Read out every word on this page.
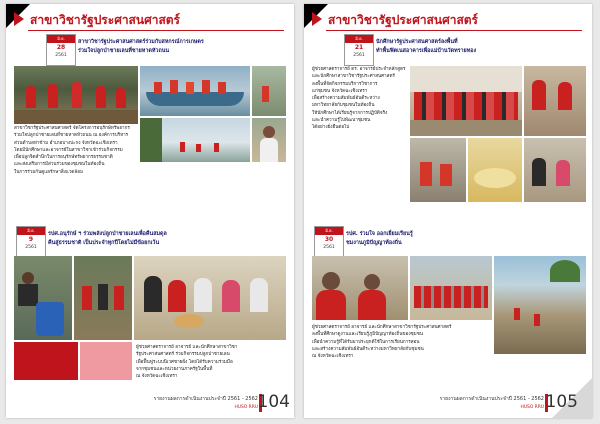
สาขาวิชารัฐประศาสนศาสตร์
มิ.ย.
28
2561
สาขาวิชารัฐประศาสนศาสตร์ร่วมกับสหกรณ์การเกษตร
ร่วมใจปลูกป่าชายเลนที่ชายหาดหัวถนน
สาขาวิชารัฐประศาสนศาสตร์ จัดโครงการอนุรักษ์ทรัพยากร
ร่วมใจปลูกป่าชายเลนที่ชายหาดหัวถนน ณ องค์การบริหาร
ส่วนตำบลท่าข้าม อำเภอบางปะกง จังหวัดฉะเชิงเทรา
โดยมีนักศึกษาและอาจารย์ในสาขาวิชาเข้าร่วมกิจกรรม
เพื่อปลูกจิตสำนึกในการอนุรักษ์ทรัพยากรธรรมชาติ
และส่งเสริมการมีส่วนร่วมของชุมชนในท้องถิ่น
ในการร่วมกันดูแลรักษาสิ่งแวดล้อม
มิ.ย.
9
2561
รปศ.อนุรักษ์ ฯ ร่วมพลังปลูกป่าชายเลนเพื่อคืนสมดุล
คืนสู่ธรรมชาติ เป็นประจำทุกปีโดยไม่มีข้อยกเว้น
ผู้ช่วยศาสตราจารย์ อาจารย์ และนักศึกษาสาขาวิชา
รัฐประศาสนศาสตร์ ร่วมกิจกรรมปลูกป่าชายเลน
เพื่อฟื้นฟูระบบนิเวศชายฝั่ง โดยได้รับความร่วมมือ
จากชุมชนและหน่วยงานภาครัฐในพื้นที่
ณ จังหวัดฉะเชิงเทรา
รายงานผลการดำเนินงานประจำปี 2561 - 2562
HUSO RRU 104
สาขาวิชารัฐประศาสนศาสตร์
มิ.ย.
21
2561
นักศึกษารัฐประศาสนศาสตร์ลงพื้นที่
ทำพื้นฟิตเนสอาคารเพื่อแม่บ้านวัดทรายทอง
ผู้ช่วยศาสตราจารย์ ดร. อาจารย์ประจำหลักสูตร
และนักศึกษาสาขาวิชารัฐประศาสนศาสตร์
ลงพื้นที่จัดกิจกรรมบริการวิชาการ
แก่ชุมชน จังหวัดฉะเชิงเทรา
เพื่อสร้างความสัมพันธ์อันดีระหว่าง
มหาวิทยาลัยกับชุมชนในท้องถิ่น
ให้นักศึกษาได้เรียนรู้จากการปฏิบัติจริง
และนำความรู้ไปพัฒนาชุมชน
ได้อย่างยั่งยืนต่อไป
มิ.ย.
30
2561
รปศ. ร่วมใจ ออกเยี่ยมเรียนรู้
ชมงานภูมิปัญญาท้องถิ่น
ผู้ช่วยศาสตราจารย์ อาจารย์ และนักศึกษาสาขาวิชารัฐประศาสนศาสตร์
ลงพื้นที่ศึกษาดูงานและเรียนรู้ภูมิปัญญาท้องถิ่นของชุมชน
เพื่อนำความรู้ที่ได้รับมาประยุกต์ใช้ในการเรียนการสอน
และสร้างความสัมพันธ์อันดีระหว่างมหาวิทยาลัยกับชุมชน
ณ จังหวัดฉะเชิงเทรา
รายงานผลการดำเนินงานประจำปี 2561 - 2562
HUSO RRU 105
